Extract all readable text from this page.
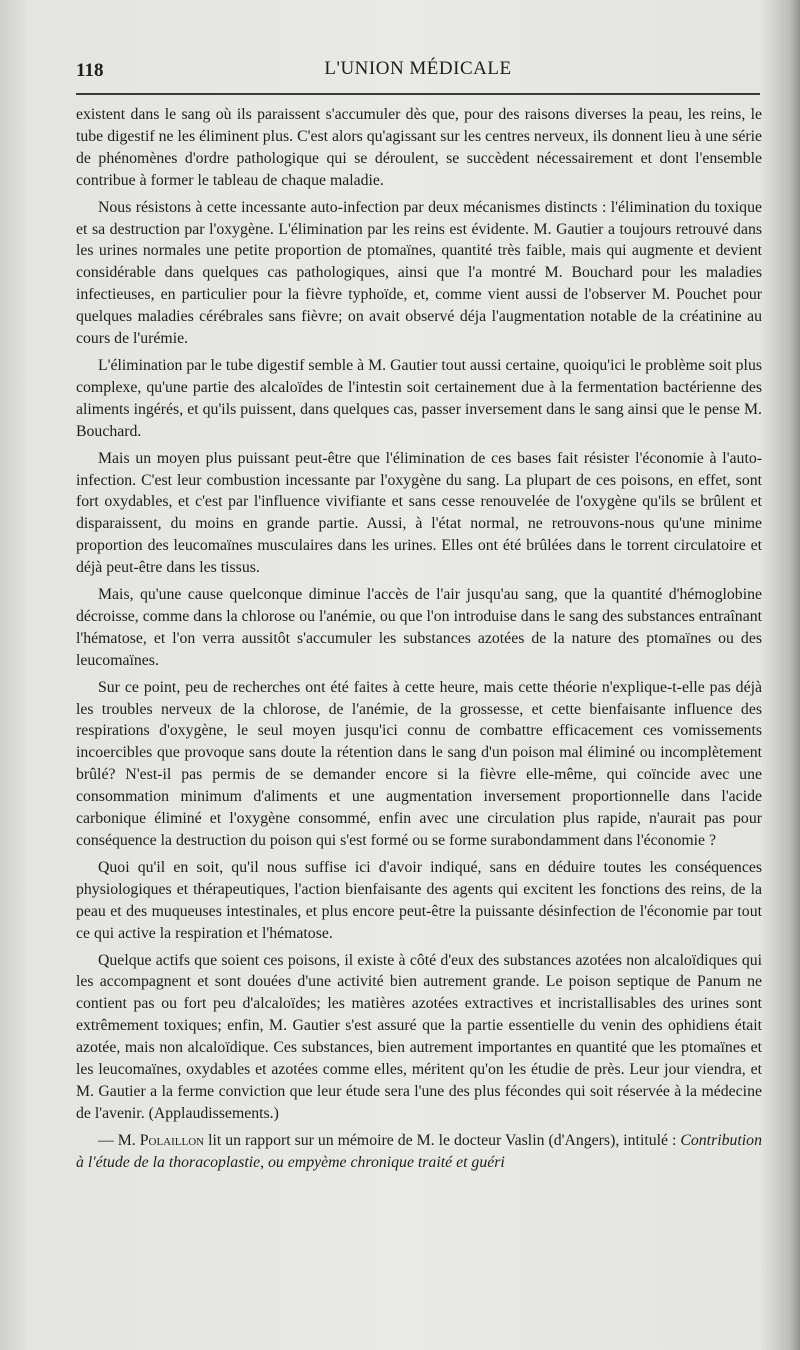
118	L'UNION MÉDICALE

existent dans le sang où ils paraissent s'accumuler dès que, pour des raisons diverses la peau, les reins, le tube digestif ne les éliminent plus. C'est alors qu'agissant sur les centres nerveux, ils donnent lieu à une série de phénomènes d'ordre pathologique qui se déroulent, se succèdent nécessairement et dont l'ensemble contribue à former le tableau de chaque maladie.

Nous résistons à cette incessante auto-infection par deux mécanismes distincts : l'élimination du toxique et sa destruction par l'oxygène. L'élimination par les reins est évidente. M. Gautier a toujours retrouvé dans les urines normales une petite proportion de ptomaïnes, quantité très faible, mais qui augmente et devient considérable dans quelques cas pathologiques, ainsi que l'a montré M. Bouchard pour les maladies infectieuses, en particulier pour la fièvre typhoïde, et, comme vient aussi de l'observer M. Pouchet pour quelques maladies cérébrales sans fièvre; on avait observé déja l'augmentation notable de la créatinine au cours de l'urémie.

L'élimination par le tube digestif semble à M. Gautier tout aussi certaine, quoiqu'ici le problème soit plus complexe, qu'une partie des alcaloïdes de l'intestin soit certainement due à la fermentation bactérienne des aliments ingérés, et qu'ils puissent, dans quelques cas, passer inversement dans le sang ainsi que le pense M. Bouchard.

Mais un moyen plus puissant peut-être que l'élimination de ces bases fait résister l'économie à l'auto-infection. C'est leur combustion incessante par l'oxygène du sang. La plupart de ces poisons, en effet, sont fort oxydables, et c'est par l'influence vivifiante et sans cesse renouvelée de l'oxygène qu'ils se brûlent et disparaissent, du moins en grande partie. Aussi, à l'état normal, ne retrouvons-nous qu'une minime proportion des leucomaïnes musculaires dans les urines. Elles ont été brûlées dans le torrent circulatoire et déjà peut-être dans les tissus.

Mais, qu'une cause quelconque diminue l'accès de l'air jusqu'au sang, que la quantité d'hémoglobine décroisse, comme dans la chlorose ou l'anémie, ou que l'on introduise dans le sang des substances entraînant l'hématose, et l'on verra aussitôt s'accumuler les substances azotées de la nature des ptomaïnes ou des leucomaïnes.

Sur ce point, peu de recherches ont été faites à cette heure, mais cette théorie n'explique-t-elle pas déjà les troubles nerveux de la chlorose, de l'anémie, de la grossesse, et cette bienfaisante influence des respirations d'oxygène, le seul moyen jusqu'ici connu de combattre efficacement ces vomissements incoercibles que provoque sans doute la rétention dans le sang d'un poison mal éliminé ou incomplètement brûlé? N'est-il pas permis de se demander encore si la fièvre elle-même, qui coïncide avec une consommation minimum d'aliments et une augmentation inversement proportionnelle dans l'acide carbonique éliminé et l'oxygène consommé, enfin avec une circulation plus rapide, n'aurait pas pour conséquence la destruction du poison qui s'est formé ou se forme surabondamment dans l'économie ?

Quoi qu'il en soit, qu'il nous suffise ici d'avoir indiqué, sans en déduire toutes les conséquences physiologiques et thérapeutiques, l'action bienfaisante des agents qui excitent les fonctions des reins, de la peau et des muqueuses intestinales, et plus encore peut-être la puissante désinfection de l'économie par tout ce qui active la respiration et l'hématose.

Quelque actifs que soient ces poisons, il existe à côté d'eux des substances azotées non alcaloïdiques qui les accompagnent et sont douées d'une activité bien autrement grande. Le poison septique de Panum ne contient pas ou fort peu d'alcaloïdes; les matières azotées extractives et incristallisables des urines sont extrêmement toxiques; enfin, M. Gautier s'est assuré que la partie essentielle du venin des ophidiens était azotée, mais non alcaloïdique. Ces substances, bien autrement importantes en quantité que les ptomaïnes et les leucomaïnes, oxydables et azotées comme elles, méritent qu'on les étudie de près. Leur jour viendra, et M. Gautier a la ferme conviction que leur étude sera l'une des plus fécondes qui soit réservée à la médecine de l'avenir. (Applaudissements.)

— M. Polaillon lit un rapport sur un mémoire de M. le docteur Vaslin (d'Angers), intitulé : Contribution à l'étude de la thoracoplastie, ou empyème chronique traité et guéri
